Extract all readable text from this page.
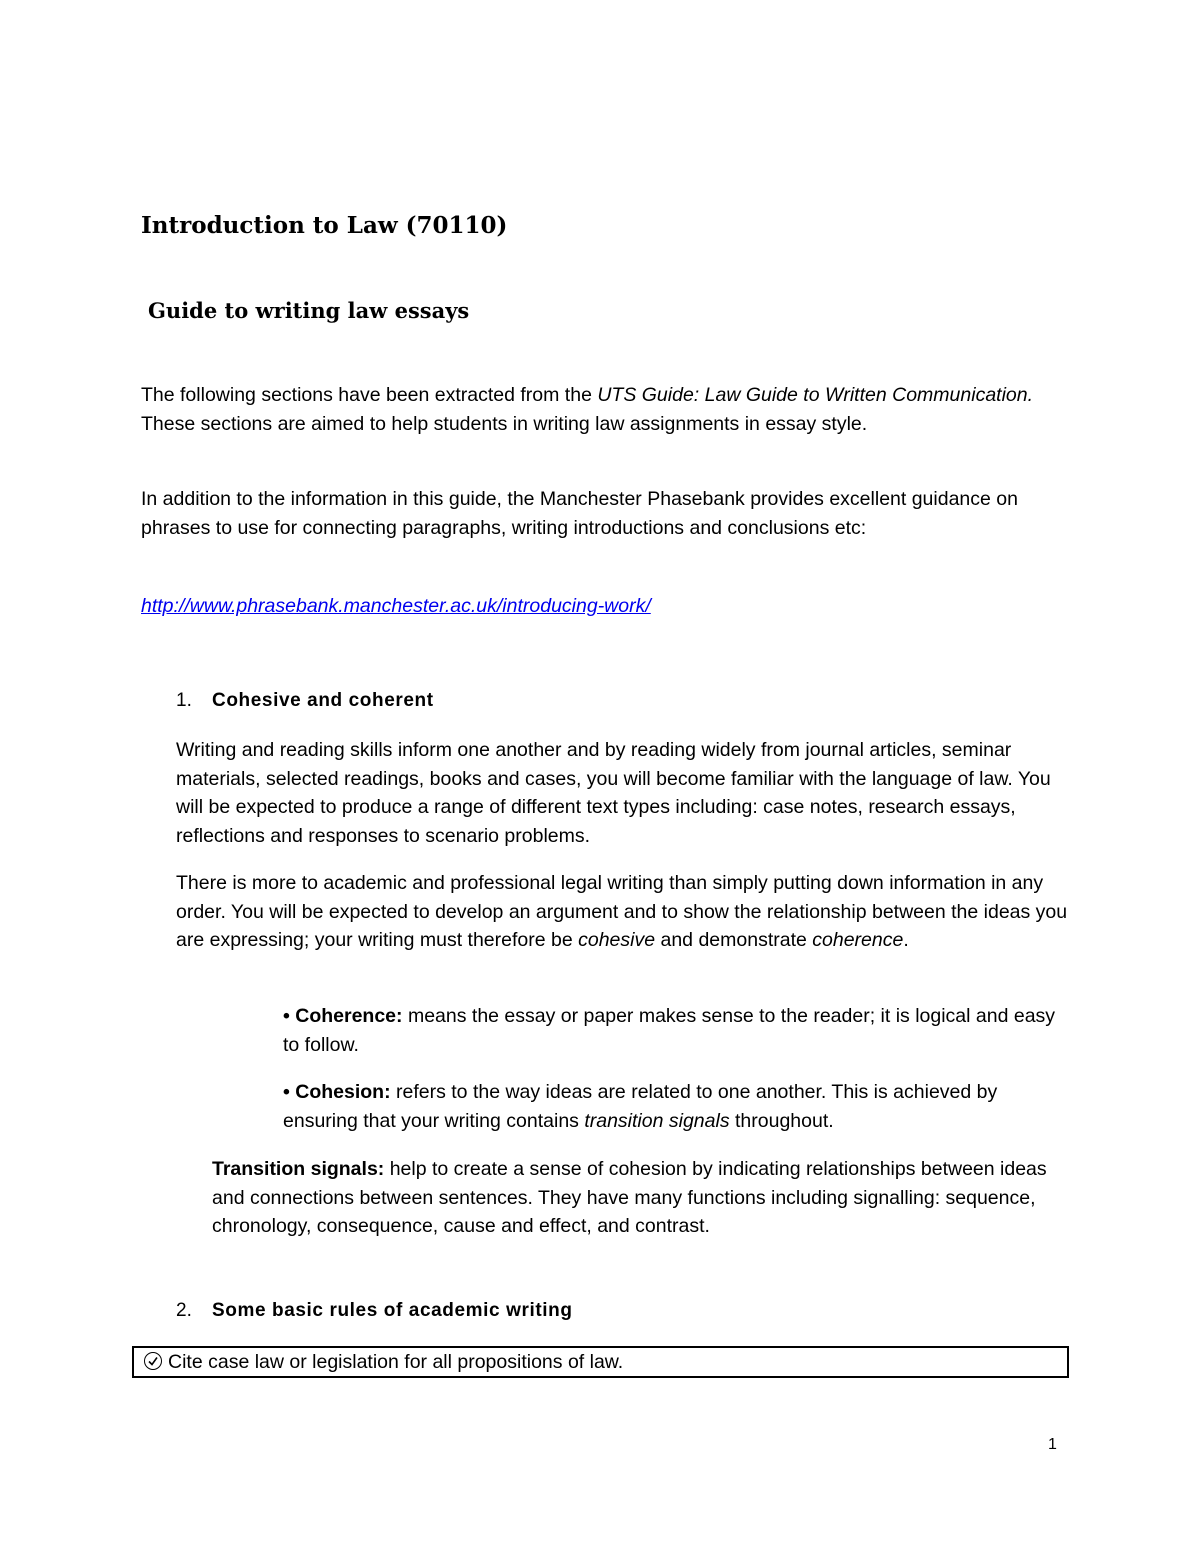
Introduction to Law (70110)
Guide to writing law essays

The following sections have been extracted from the UTS Guide: Law Guide to Written Communication. These sections are aimed to help students in writing law assignments in essay style.

In addition to the information in this guide, the Manchester Phasebank provides excellent guidance on phrases to use for connecting paragraphs, writing introductions and conclusions etc:

http://www.phrasebank.manchester.ac.uk/introducing-work/

1. Cohesive and coherent

Writing and reading skills inform one another and by reading widely from journal articles, seminar materials, selected readings, books and cases, you will become familiar with the language of law. You will be expected to produce a range of different text types including: case notes, research essays, reflections and responses to scenario problems.

There is more to academic and professional legal writing than simply putting down information in any order. You will be expected to develop an argument and to show the relationship between the ideas you are expressing; your writing must therefore be cohesive and demonstrate coherence.

• Coherence: means the essay or paper makes sense to the reader; it is logical and easy to follow.

• Cohesion: refers to the way ideas are related to one another. This is achieved by ensuring that your writing contains transition signals throughout.

Transition signals: help to create a sense of cohesion by indicating relationships between ideas and connections between sentences. They have many functions including signalling: sequence, chronology, consequence, cause and effect, and contrast.

2. Some basic rules of academic writing

Cite case law or legislation for all propositions of law.
1
